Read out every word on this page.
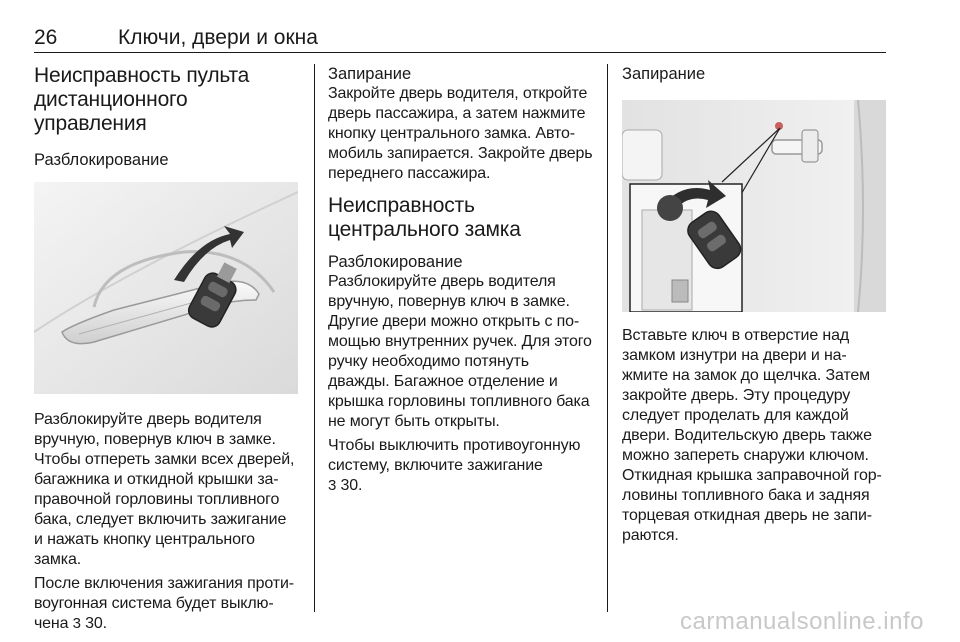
26	Ключи, двери и окна
Неисправность пульта дистанционного управления
Разблокирование

Разблокируйте дверь водителя вручную, повернув ключ в замке. Чтобы отпереть замки всех дверей, багажника и откидной крышки за-правочной горловины топливного бака, следует включить зажигание и нажать кнопку центрального замка.

После включения зажигания проти-воугонная система будет выклю-чена 3 30.

Запирание

Закройте дверь водителя, откройте дверь пассажира, а затем нажмите кнопку центрального замка. Авто-мобиль запирается. Закройте дверь переднего пассажира.

Неисправность центрального замка
Разблокирование

Разблокируйте дверь водителя вручную, повернув ключ в замке. Другие двери можно открыть с по-мощью внутренних ручек. Для этого ручку необходимо потянуть дважды. Багажное отделение и крышка горловины топливного бака не могут быть открыты.

Чтобы выключить противоугонную систему, включите зажигание
3 30.

Запирание

Вставьте ключ в отверстие над замком изнутри на двери и на-жмите на замок до щелчка. Затем закройте дверь. Эту процедуру следует проделать для каждой двери. Водительскую дверь также можно запереть снаружи ключом. Откидная крышка заправочной гор-ловины топливного бака и задняя торцевая откидная дверь не запи-раются.

carmanualsonline.info
